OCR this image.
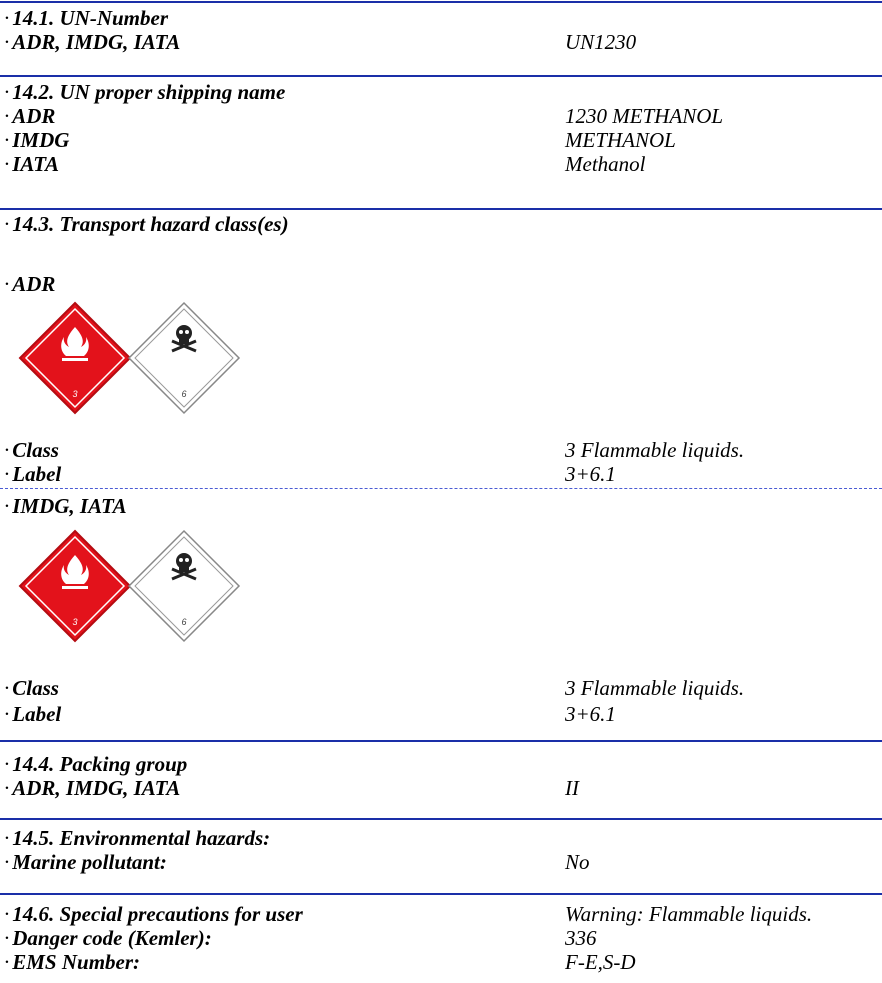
· 14.1. UN-Number
· ADR, IMDG, IATA	UN1230
· 14.2. UN proper shipping name
· ADR	1230 METHANOL
· IMDG	METHANOL
· IATA	Methanol
· 14.3. Transport hazard class(es)
· ADR
3	6
· Class	3 Flammable liquids.
· Label	3+6.1
· IMDG, IATA
3	6
· Class	3 Flammable liquids.
· Label	3+6.1
· 14.4. Packing group
· ADR, IMDG, IATA	II
· 14.5. Environmental hazards:
· Marine pollutant:	No
· 14.6. Special precautions for user	Warning: Flammable liquids.
· Danger code (Kemler):	336
· EMS Number:	F-E,S-D
